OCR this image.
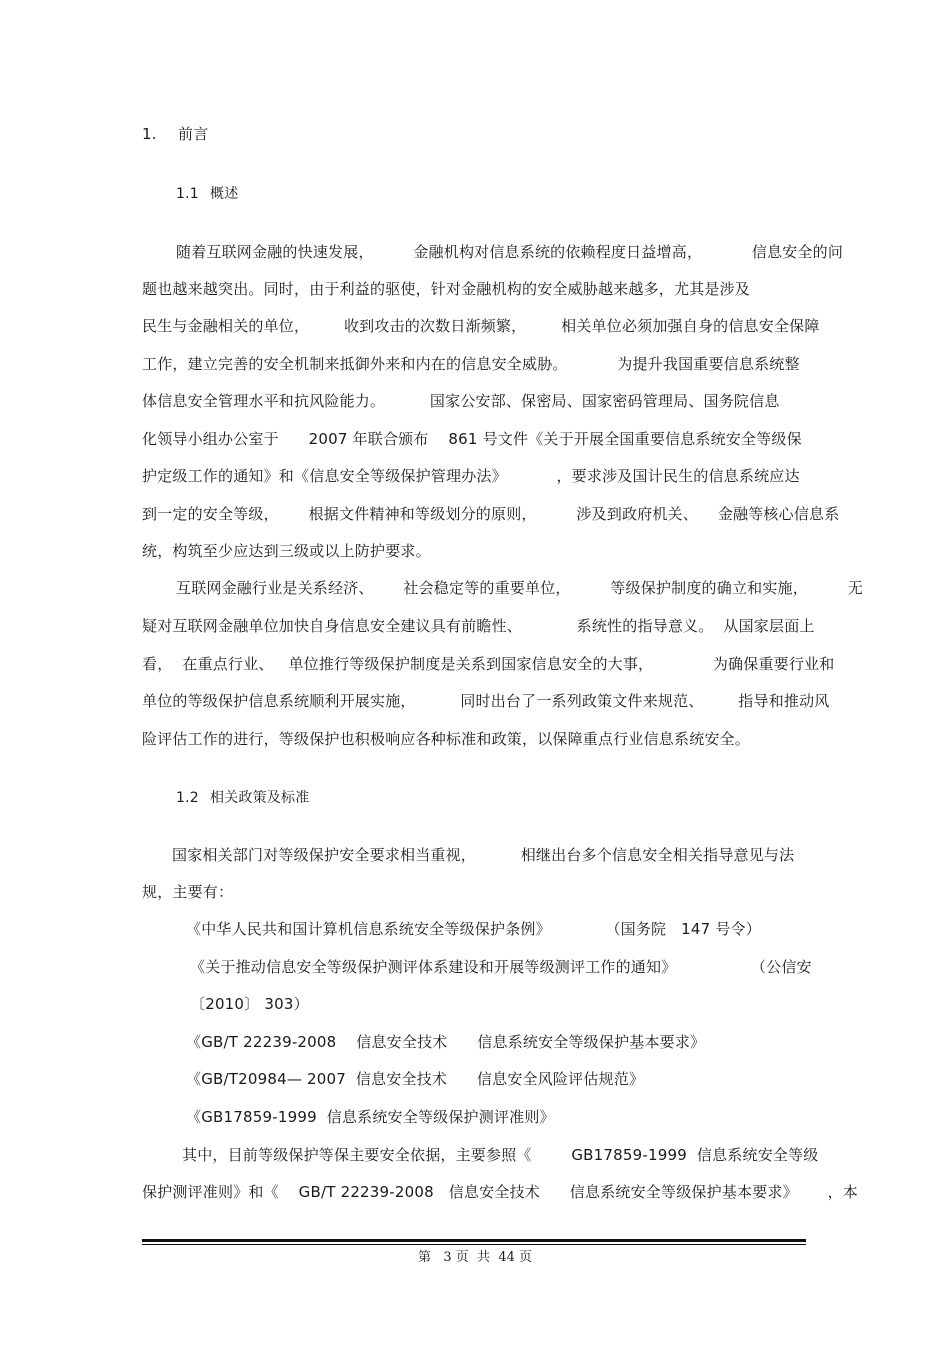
1. 前言
1.1 概述
随着互联网金融的快速发展，        金融机构对信息系统的依赖程度日益增高，          信息安全的问
题也越来越突出。同时，由于利益的驱使，针对金融机构的安全威胁越来越多，尤其是涉及
民生与金融相关的单位，       收到攻击的次数日渐频繁，       相关单位必须加强自身的信息安全保障
工作，建立完善的安全机制来抵御外来和内在的信息安全威胁。          为提升我国重要信息系统整
体信息安全管理水平和抗风险能力。         国家公安部、保密局、国家密码管理局、国务院信息
化领导小组办公室于      2007 年联合颁布    861 号文件《关于开展全国重要信息系统安全等级保
护定级工作的通知》和《信息安全等级保护管理办法》          ，要求涉及国计民生的信息系统应达
到一定的安全等级，      根据文件精神和等级划分的原则，        涉及到政府机关、    金融等核心信息系
统，构筑至少应达到三级或以上防护要求。
互联网金融行业是关系经济、      社会稳定等的重要单位，        等级保护制度的确立和实施，        无
疑对互联网金融单位加快自身信息安全建议具有前瞻性、           系统性的指导意义。  从国家层面上
看，  在重点行业、   单位推行等级保护制度是关系到国家信息安全的大事，            为确保重要行业和
单位的等级保护信息系统顺利开展实施，         同时出台了一系列政策文件来规范、       指导和推动风
险评估工作的进行，等级保护也积极响应各种标准和政策，以保障重点行业信息系统安全。
1.2 相关政策及标准
国家相关部门对等级保护安全要求相当重视，         相继出台多个信息安全相关指导意见与法
规，主要有：
《中华人民共和国计算机信息系统安全等级保护条例》           （国务院   147 号令）
《关于推动信息安全等级保护测评体系建设和开展等级测评工作的通知》               （公信安
〔2010〕 303）
《GB/T 22239-2008    信息安全技术      信息系统安全等级保护基本要求》
《GB/T20984— 2007  信息安全技术      信息安全风险评估规范》
《GB17859-1999  信息系统安全等级保护测评准则》
其中，目前等级保护等保主要安全依据，主要参照《        GB17859-1999  信息系统安全等级
保护测评准则》和《    GB/T 22239-2008   信息安全技术      信息系统安全等级保护基本要求》      ，本
第   3 页  共  44 页
